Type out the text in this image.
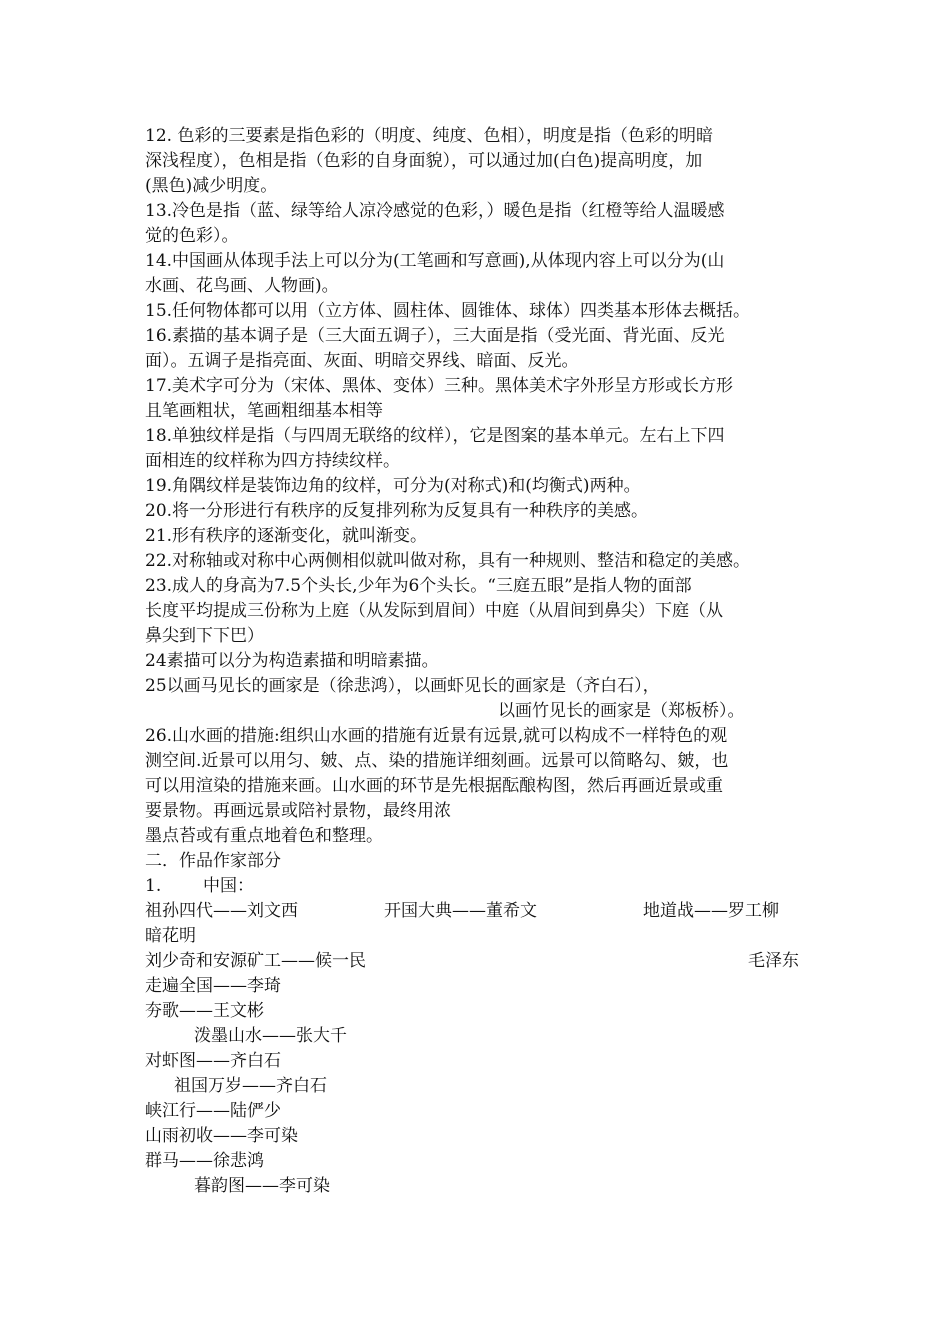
12. 色彩的三要素是指色彩的（明度、纯度、色相），明度是指（色彩的明暗
深浅程度），色相是指（色彩的自身面貌），可以通过加(白色)提高明度，加
(黑色)减少明度。
13.冷色是指（蓝、绿等给人凉冷感觉的色彩，）暖色是指（红橙等给人温暖感
觉的色彩）。
14.中国画从体现手法上可以分为(工笔画和写意画),从体现内容上可以分为(山
水画、花鸟画、人物画)。
15.任何物体都可以用（立方体、圆柱体、圆锥体、球体）四类基本形体去概括。
16.素描的基本调子是（三大面五调子），三大面是指（受光面、背光面、反光
面）。五调子是指亮面、灰面、明暗交界线、暗面、反光。
17.美术字可分为（宋体、黑体、变体）三种。黑体美术字外形呈方形或长方形
且笔画粗状，笔画粗细基本相等
18.单独纹样是指（与四周无联络的纹样），它是图案的基本单元。左右上下四
面相连的纹样称为四方持续纹样。
19.角隅纹样是装饰边角的纹样，可分为(对称式)和(均衡式)两种。
20.将一分形进行有秩序的反复排列称为反复具有一种秩序的美感。
21.形有秩序的逐渐变化，就叫渐变。
22.对称轴或对称中心两侧相似就叫做对称，具有一种规则、整洁和稳定的美感。
23.成人的身高为7.5个头长,少年为6个头长。“三庭五眼”是指人物的面部
长度平均提成三份称为上庭（从发际到眉间）中庭（从眉间到鼻尖）下庭（从
鼻尖到下下巴）
24素描可以分为构造素描和明暗素描。
25以画马见长的画家是（徐悲鸿），以画虾见长的画家是（齐白石），
以画竹见长的画家是（郑板桥）。
26.山水画的措施:组织山水画的措施有近景有远景,就可以构成不一样特色的观
测空间.近景可以用匀、皴、点、染的措施详细刻画。远景可以简略勾、皴，也
可以用渲染的措施来画。山水画的环节是先根据酝酿构图，然后再画近景或重
要景物。再画远景或陪衬景物，最终用浓
墨点苔或有重点地着色和整理。
二．作品作家部分
1. 中国：
祖孙四代——刘文西	开国大典——董希文	地道战——罗工柳
暗花明
刘少奇和安源矿工——候一民	毛泽东
走遍全国——李琦
夯歌——王文彬
泼墨山水——张大千
对虾图——齐白石
祖国万岁——齐白石
峡江行——陆俨少
山雨初收——李可染
群马——徐悲鸿
暮韵图——李可染
